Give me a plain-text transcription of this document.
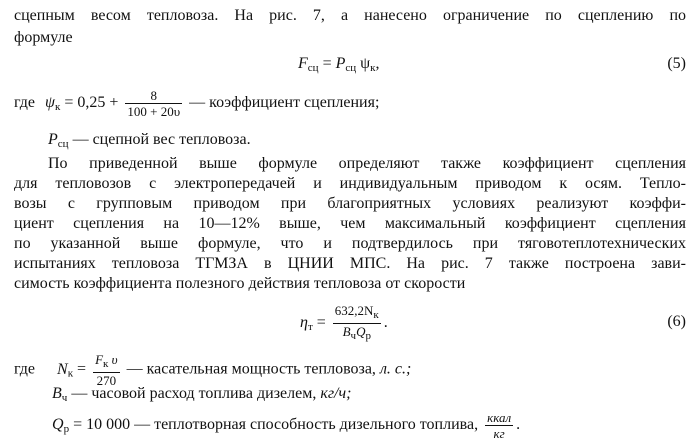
сцепным весом тепловоза. На рис. 7, а нанесено ограничение по сцеплению по
формуле
$F_{сц} = P_{сц}$ $\psi_к$,	(5)
где $\psi_к = 0,25 + \frac{8}{100 + 20\upsilon}$ — коэффициент сцепления;
$P_{сц}$ — сцепной вес тепловоза.
По приведенной выше формуле определяют также коэффициент сцепления
для тепловозов с электропередачей и индивидуальным приводом к осям. Тепло-
возы с групповым приводом при благоприятных условиях реализуют коэффи-
циент сцепления на 10—12% выше, чем максимальный коэффициент сцепления
по указанной выше формуле, что и подтвердилось при тяговотеплотехнических
испытаниях тепловоза ТГМЗА в ЦНИИ МПС. На рис. 7 также построена зави-
симость коэффициента полезного действия тепловоза от скорости
$\eta_т = \frac{632,2N_к}{B_чQ_р}$ .	(6)
где $N_к = \frac{F_к \upsilon}{270}$ — касательная мощность тепловоза, л. с.;
$B_ч$ — часовой расход топлива дизелем, кг/ч;
$Q_р = 10$ 000 — теплотворная способность дизельного топлива, $\frac{\text{ккал}}{кг}$ .
